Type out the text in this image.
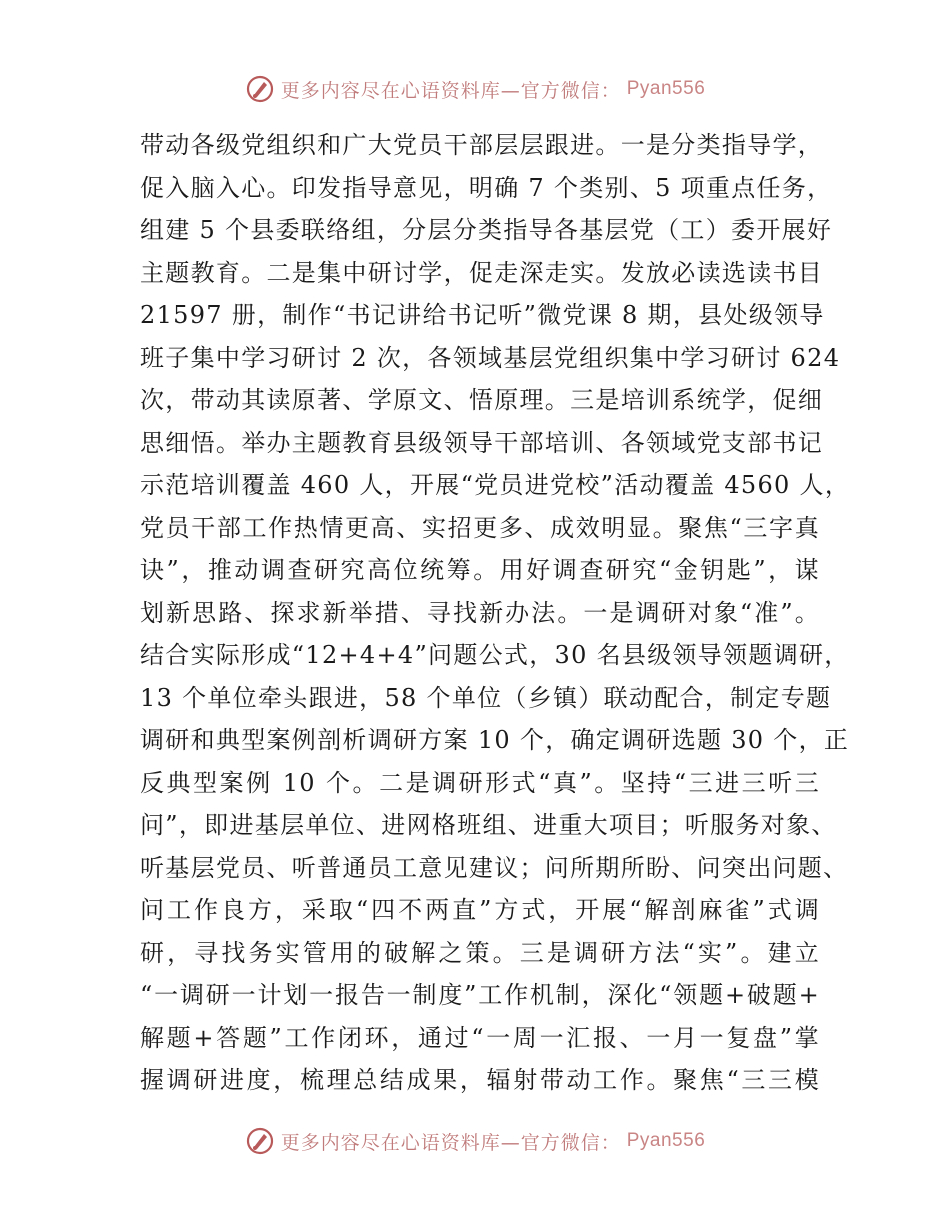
更多内容尽在心语资料库—官方微信： Pyan556
带动各级党组织和广大党员干部层层跟进。一是分类指导学，
促入脑入心。印发指导意见，明确 7 个类别、5 项重点任务，
组建 5 个县委联络组，分层分类指导各基层党（工）委开展好
主题教育。二是集中研讨学，促走深走实。发放必读选读书目
21597 册，制作“书记讲给书记听”微党课 8 期，县处级领导
班子集中学习研讨 2 次，各领域基层党组织集中学习研讨 624
次，带动其读原著、学原文、悟原理。三是培训系统学，促细
思细悟。举办主题教育县级领导干部培训、各领域党支部书记
示范培训覆盖 460 人，开展“党员进党校”活动覆盖 4560 人，
党员干部工作热情更高、实招更多、成效明显。聚焦“三字真
诀”，推动调查研究高位统筹。用好调查研究“金钥匙”，谋
划新思路、探求新举措、寻找新办法。一是调研对象“准”。
结合实际形成“12+4+4”问题公式，30 名县级领导领题调研，
13 个单位牵头跟进，58 个单位（乡镇）联动配合，制定专题
调研和典型案例剖析调研方案 10 个，确定调研选题 30 个，正
反典型案例 10 个。二是调研形式“真”。坚持“三进三听三
问”，即进基层单位、进网格班组、进重大项目；听服务对象、
听基层党员、听普通员工意见建议；问所期所盼、问突出问题、
问工作良方，采取“四不两直”方式，开展“解剖麻雀”式调
研，寻找务实管用的破解之策。三是调研方法“实”。建立
“一调研一计划一报告一制度”工作机制，深化“领题+破题+
解题+答题”工作闭环，通过“一周一汇报、一月一复盘”掌
握调研进度，梳理总结成果，辐射带动工作。聚焦“三三模
更多内容尽在心语资料库—官方微信： Pyan556
